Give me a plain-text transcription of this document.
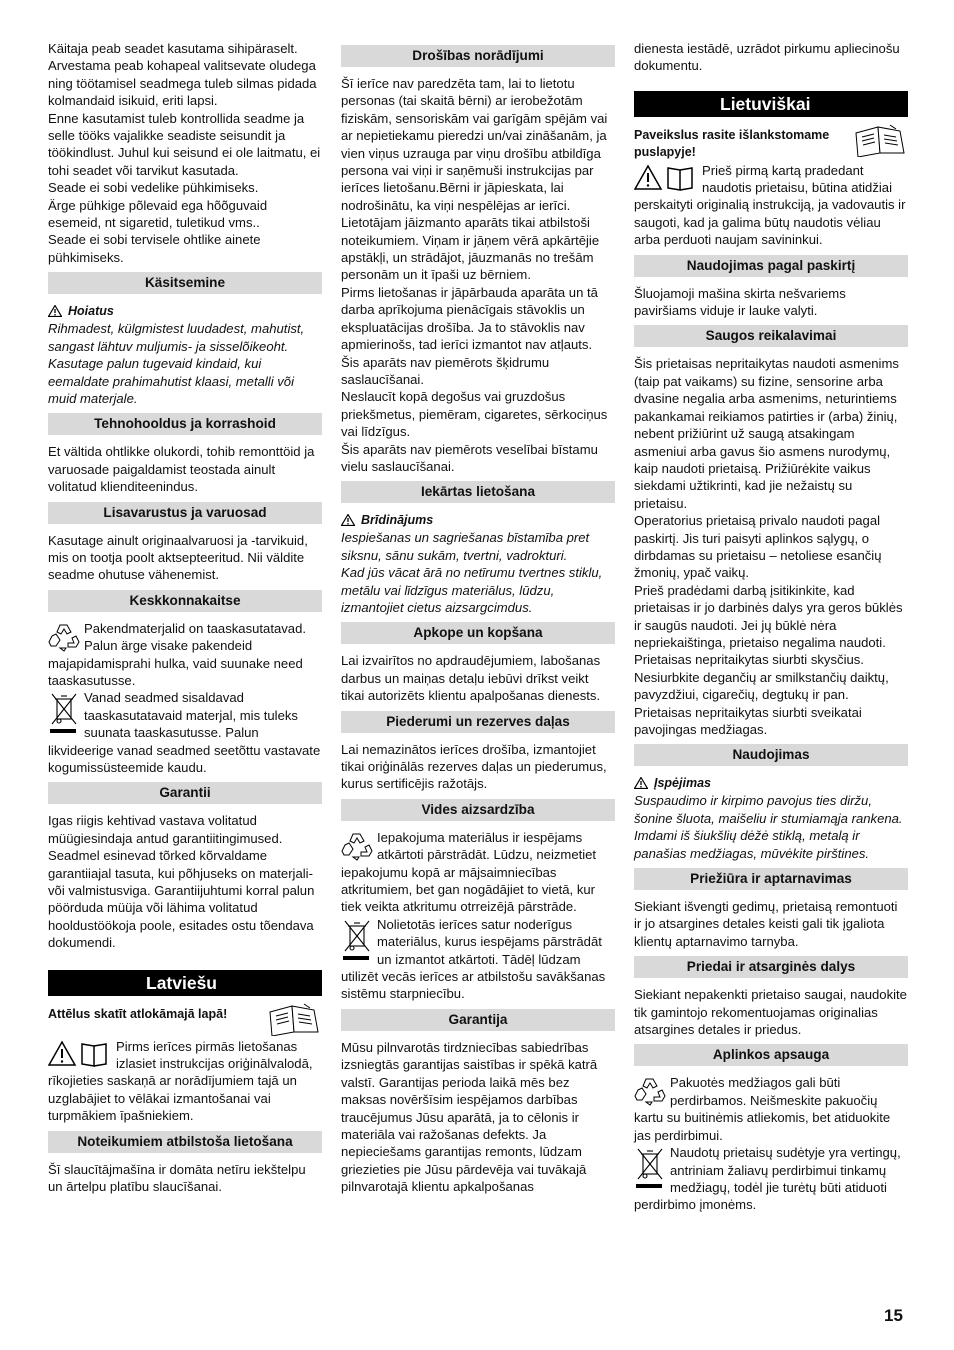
Käitaja peab seadet kasutama sihipäraselt. Arvestama peab kohapeal valitsevate oludega ning töötamisel seadmega tuleb silmas pidada kolmandaid isikuid, eriti lapsi.

Enne kasutamist tuleb kontrollida seadme ja selle tööks vajalikke seadiste seisundit ja töökindlust. Juhul kui seisund ei ole laitmatu, ei tohi seadet või tarvikut kasutada.

Seade ei sobi vedelike pühkimiseks.

Ärge pühkige põlevaid ega hõõguvaid esemeid, nt sigaretid, tuletikud vms..

Seade ei sobi tervisele ohtlike ainete pühkimiseks.

Käsitsemine
Hoiatus

Rihmadest, külgmistest luudadest, mahutist, sangast lähtuv muljumis- ja sisselõikeoht.

Kasutage palun tugevaid kindaid, kui eemaldate prahimahutist klaasi, metalli või muid materjale.

Tehnohooldus ja korrashoid

Et vältida ohtlikke olukordi, tohib remonttöid ja varuosade paigaldamist teostada ainult volitatud klienditeenindus.

Lisavarustus ja varuosad

Kasutage ainult originaalvaruosi ja -tarvikuid, mis on tootja poolt aktsepteeritud. Nii väldite seadme ohutuse vähenemist.

Keskkonnakaitse

Pakendmaterjalid on taaskasutatavad. Palun ärge visake pakendeid majapidamisprahi hulka, vaid suunake need taaskasutusse.

Vanad seadmed sisaldavad taaskasutatavaid materjal, mis tuleks suunata taaskasutusse. Palun likvideerige vanad seadmed seetõttu vastavate kogumissüsteemide kaudu.

Garantii

Igas riigis kehtivad vastava volitatud müügiesindaja antud garantiitingimused. Seadmel esinevad tõrked kõrvaldame garantiiajal tasuta, kui põhjuseks on materjali- või valmistusviga. Garantiijuhtumi korral palun pöörduda müüja või lähima volitatud hooldustöökoja poole, esitades ostu tõendava dokumendi.

Latviešu

Attēlus skatīt atlokāmajā lapā!

Pirms ierīces pirmās lietošanas izlasiet instrukcijas oriģinālvalodā, rīkojieties saskaņā ar norādījumiem tajā un uzglabājiet to vēlākai izmantošanai vai turpmākiem īpašniekiem.

Noteikumiem atbilstoša lietošana

Šī slaucītājmašīna ir domāta netīru iekštelpu un ārtelpu platību slaucīšanai.

Drošības norādījumi

Šī ierīce nav paredzēta tam, lai to lietotu personas (tai skaitā bērni) ar ierobežotām fiziskām, sensoriskām vai garīgām spējām vai ar nepietiekamu pieredzi un/vai zināšanām, ja vien viņus uzrauga par viņu drošību atbildīga persona vai viņi ir saņēmuši instrukcijas par ierīces lietošanu.Bērni ir jāpieskata, lai nodrošinātu, ka viņi nespēlējas ar ierīci.

Lietotājam jāizmanto aparāts tikai atbilstoši noteikumiem. Viņam ir jāņem vērā apkārtējie apstākļi, un strādājot, jāuzmanās no trešām personām un it īpaši uz bērniem.

Pirms lietošanas ir jāpārbauda aparāta un tā darba aprīkojuma pienācīgais stāvoklis un ekspluatācijas drošība. Ja to stāvoklis nav apmierinošs, tad ierīci izmantot nav atļauts.

Šis aparāts nav piemērots šķidrumu saslaucīšanai.

Neslaucīt kopā degošus vai gruzdošus priekšmetus, piemēram, cigaretes, sērkociņus vai līdzīgus.

Šis aparāts nav piemērots veselībai bīstamu vielu saslaucīšanai.

Iekārtas lietošana
Brīdinājums

Iespiešanas un sagriešanas bīstamība pret siksnu, sānu sukām, tvertni, vadrokturi.

Kad jūs vācat ārā no netīrumu tvertnes stiklu, metālu vai līdzīgus materiālus, lūdzu, izmantojiet cietus aizsargcimdus.

Apkope un kopšana

Lai izvairītos no apdraudējumiem, labošanas darbus un maiņas detaļu iebūvi drīkst veikt tikai autorizēts klientu apalpošanas dienests.

Piederumi un rezerves daļas

Lai nemazinātos ierīces drošība, izmantojiet tikai oriģinālās rezerves daļas un piederumus, kurus sertificējis ražotājs.

Vides aizsardzība

Iepakojuma materiālus ir iespējams atkārtoti pārstrādāt. Lūdzu, neizmetiet iepakojumu kopā ar mājsaimniecības atkritumiem, bet gan nogādājiet to vietā, kur tiek veikta atkritumu otrreizējā pārstrāde.

Nolietotās ierīces satur noderīgus materiālus, kurus iespējams pārstrādāt un izmantot atkārtoti. Tādēļ lūdzam utilizēt vecās ierīces ar atbilstošu savākšanas sistēmu starpniecību.

Garantija

Mūsu pilnvarotās tirdzniecības sabiedrības izsniegtās garantijas saistības ir spēkā katrā valstī. Garantijas perioda laikā mēs bez maksas novēršīsim iespējamos darbības traucējumus Jūsu aparātā, ja to cēlonis ir materiāla vai ražošanas defekts. Ja nepieciešams garantijas remonts, lūdzam griezieties pie Jūsu pārdevēja vai tuvākajā pilnvarotajā klientu apkalpošanas

dienesta iestādē, uzrādot pirkumu apliecinošu dokumentu.

Lietuviškai

Paveikslus rasite išlankstomame puslapyje!

Prieš pirmą kartą pradedant naudotis prietaisu, būtina atidžiai perskaityti originalią instrukciją, ja vadovautis ir saugoti, kad ja galima būtų naudotis vėliau arba perduoti naujam savininkui.

Naudojimas pagal paskirtį

Šluojamoji mašina skirta nešvariems paviršiams viduje ir lauke valyti.

Saugos reikalavimai

Šis prietaisas nepritaikytas naudoti asmenims (taip pat vaikams) su fizine, sensorine arba dvasine negalia arba asmenims, neturintiems pakankamai reikiamos patirties ir (arba) žinių, nebent prižiūrint už saugą atsakingam asmeniui arba gavus šio asmens nurodymų, kaip naudoti prietaisą. Prižiūrėkite vaikus siekdami užtikrinti, kad jie nežaistų su prietaisu.

Operatorius prietaisą privalo naudoti pagal paskirtį. Jis turi paisyti aplinkos sąlygų, o dirbdamas su prietaisu – netoliese esančių žmonių, ypač vaikų.

Prieš pradėdami darbą įsitikinkite, kad prietaisas ir jo darbinės dalys yra geros būklės ir saugūs naudoti. Jei jų būklė nėra nepriekaištinga, prietaiso negalima naudoti.

Prietaisas nepritaikytas siurbti skysčius.

Nesiurbkite degančių ar smilkstančių daiktų, pavyzdžiui, cigarečių, degtukų ir pan.

Prietaisas nepritaikytas siurbti sveikatai pavojingas medžiagas.

Naudojimas
Įspėjimas

Suspaudimo ir kirpimo pavojus ties diržu, šonine šluota, maišeliu ir stumiamąja rankena.

Imdami iš šiukšlių dėžė stiklą, metalą ir panašias medžiagas, mūvėkite pirštines.

Priežiūra ir aptarnavimas

Siekiant išvengti gedimų, prietaisą remontuoti ir jo atsargines detales keisti gali tik įgaliota klientų aptarnavimo tarnyba.

Priedai ir atsarginės dalys

Siekiant nepakenkti prietaiso saugai, naudokite tik gamintojo rekomentuojamas originalias atsargines detales ir priedus.

Aplinkos apsauga

Pakuotės medžiagos gali būti perdirbamos. Neišmeskite pakuočių kartu su buitinėmis atliekomis, bet atiduokite jas perdirbimui.

Naudotų prietaisų sudėtyje yra vertingų, antriniam žaliavų perdirbimui tinkamų medžiagų, todėl jie turėtų būti atiduoti perdirbimo įmonėms.

15
